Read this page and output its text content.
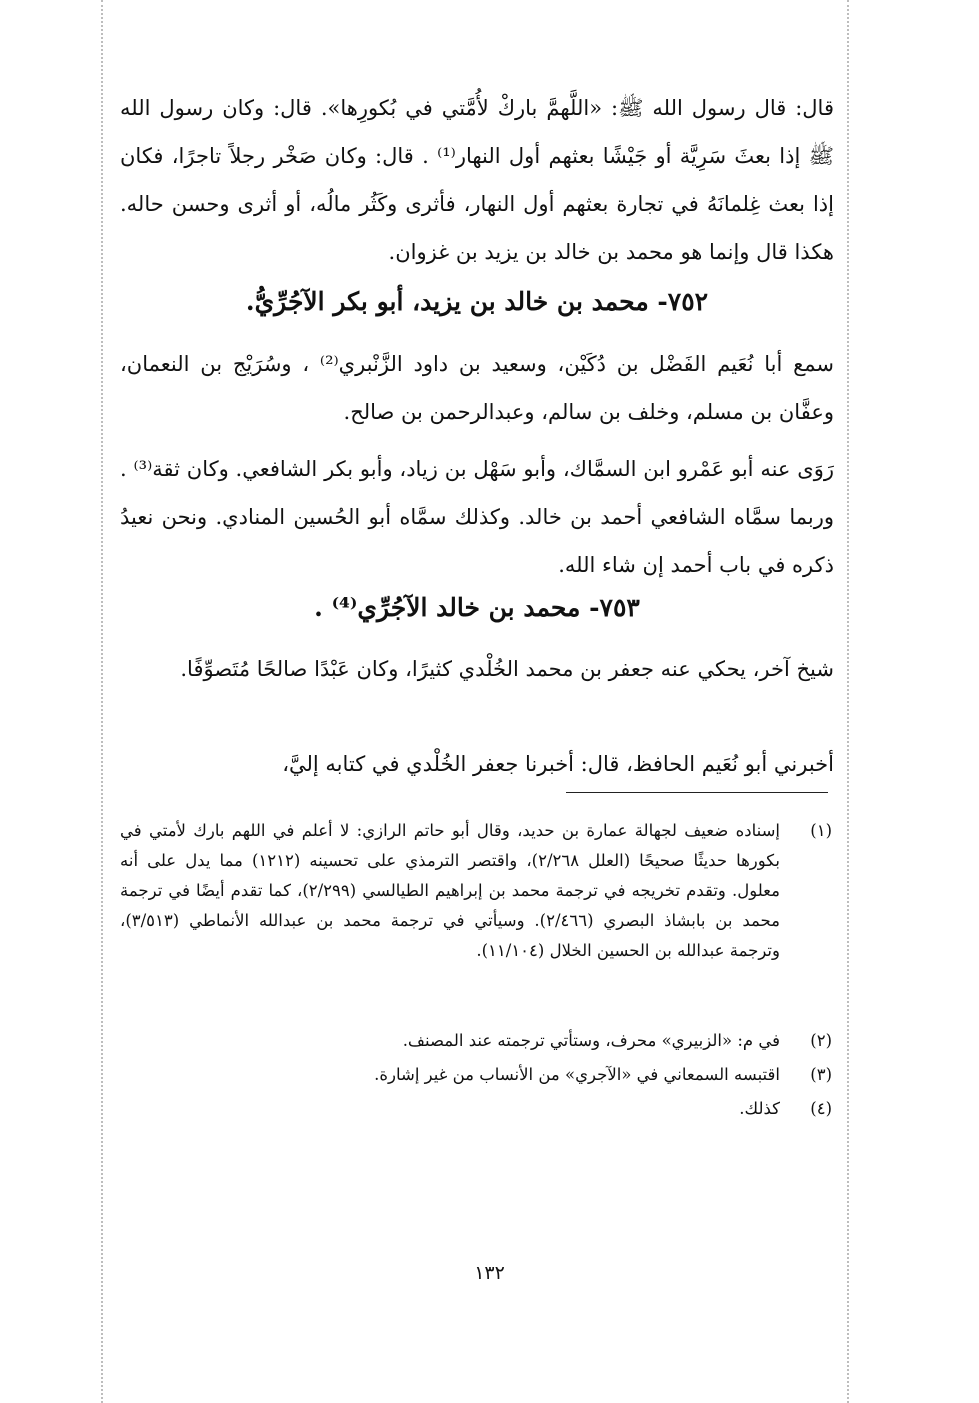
قال: قال رسول الله ﷺ: «اللَّهمَّ باركْ لأُمَّتي في بُكورِها». قال: وكان رسول الله ﷺ إذا بعثَ سَرِيَّة أو جَيْشًا بعثهم أول النهار⁽¹⁾ . قال: وكان صَخْر رجلاً تاجرًا، فكان إذا بعث غِلمانَهُ في تجارة بعثهم أول النهار، فأثرى وكَثُر مالُه، أو أثرى وحسن حاله. هكذا قال وإنما هو محمد بن خالد بن يزيد بن غزوان.
٧٥٢- محمد بن خالد بن يزيد، أبو بكر الآجُرِّيُّ.
سمع أبا نُعَيم الفَضْل بن دُكَيْن، وسعيد بن داود الزَّنْبري⁽²⁾ ، وسُرَيْج بن النعمان، وعفَّان بن مسلم، وخلف بن سالم، وعبدالرحمن بن صالح.
رَوَى عنه أبو عَمْرو ابن السمَّاك، وأبو سَهْل بن زياد، وأبو بكر الشافعي. وكان ثقة⁽³⁾ . وربما سمَّاه الشافعي أحمد بن خالد. وكذلك سمَّاه أبو الحُسين المنادي. ونحن نعيدُ ذكره في باب أحمد إن شاء الله.
٧٥٣- محمد بن خالد الآجُرِّي⁽⁴⁾ .
شيخ آخر، يحكي عنه جعفر بن محمد الخُلْدي كثيرًا، وكان عَبْدًا صالحًا مُتَصوِّفًا.
أخبرني أبو نُعَيم الحافظ، قال: أخبرنا جعفر الخُلْدي في كتابه إليَّ،
(١)
إسناده ضعيف لجهالة عمارة بن حديد، وقال أبو حاتم الرازي: لا أعلم في اللهم بارك لأمتي في بكورها حديثًا صحيحًا (العلل ٢/٢٦٨)، واقتصر الترمذي على تحسينه (١٢١٢) مما يدل على أنه معلول. وتقدم تخريجه في ترجمة محمد بن إبراهيم الطيالسي (٢/٢٩٩)، كما تقدم أيضًا في ترجمة محمد بن بابشاذ البصري (٢/٤٦٦). وسيأتي في ترجمة محمد بن عبدالله الأنماطي (٣/٥١٣)، وترجمة عبدالله بن الحسين الخلال (١١/١٠٤).
(٢)
في م: «الزبيري» محرف، وستأتي ترجمته عند المصنف.
(٣)
اقتبسه السمعاني في «الآجري» من الأنساب من غير إشارة.
(٤)
كذلك.
١٣٢
